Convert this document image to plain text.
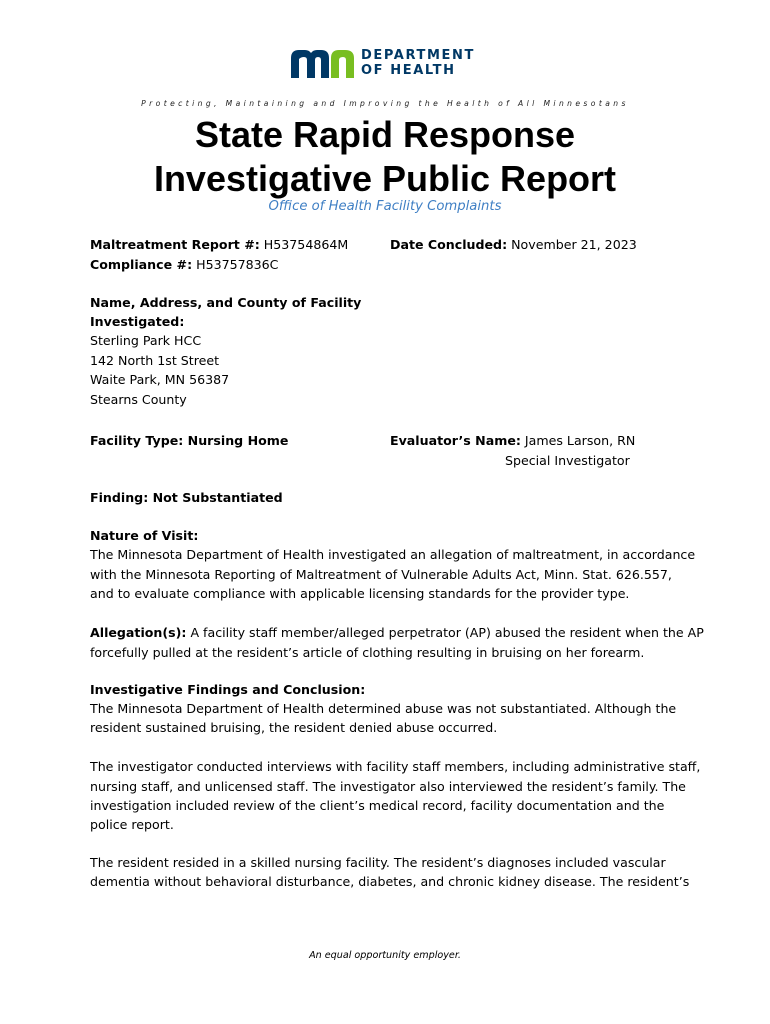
DEPARTMENT
OF HEALTH
Protecting, Maintaining and Improving the Health of All Minnesotans
State Rapid Response
Investigative Public Report
Office of Health Facility Complaints
Maltreatment Report #: H53754864M
Compliance #: H53757836C
Date Concluded: November 21, 2023
Name, Address, and County of Facility
Investigated:
Sterling Park HCC
142 North 1st Street
Waite Park, MN 56387
Stearns County
Facility Type: Nursing Home	Evaluator’s Name: James Larson, RN
Special Investigator
Finding: Not Substantiated
Nature of Visit:
The Minnesota Department of Health investigated an allegation of maltreatment, in accordance
with the Minnesota Reporting of Maltreatment of Vulnerable Adults Act, Minn. Stat. 626.557,
and to evaluate compliance with applicable licensing standards for the provider type.
Allegation(s): A facility staff member/alleged perpetrator (AP) abused the resident when the AP
forcefully pulled at the resident’s article of clothing resulting in bruising on her forearm.
Investigative Findings and Conclusion:
The Minnesota Department of Health determined abuse was not substantiated. Although the
resident sustained bruising, the resident denied abuse occurred.
The investigator conducted interviews with facility staff members, including administrative staff,
nursing staff, and unlicensed staff. The investigator also interviewed the resident’s family. The
investigation included review of the client’s medical record, facility documentation and the
police report.
The resident resided in a skilled nursing facility. The resident’s diagnoses included vascular
dementia without behavioral disturbance, diabetes, and chronic kidney disease. The resident’s
An equal opportunity employer.
